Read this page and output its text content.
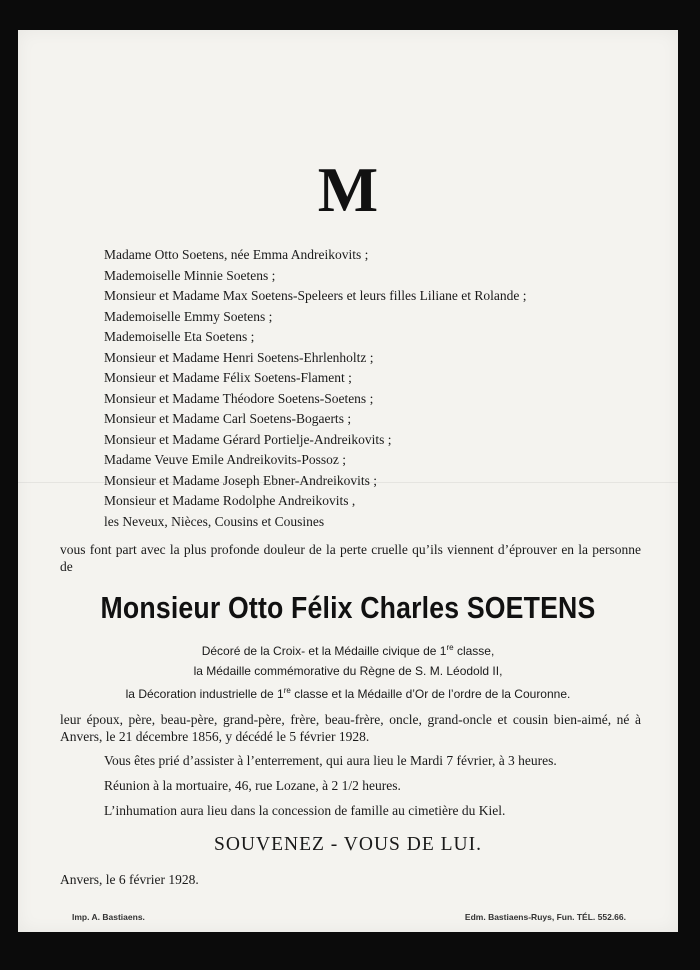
M
Madame Otto Soetens, née Emma Andreikovits ;
Mademoiselle Minnie Soetens ;
Monsieur et Madame Max Soetens-Speleers et leurs filles Liliane et Rolande ;
Mademoiselle Emmy Soetens ;
Mademoiselle Eta Soetens ;
Monsieur et Madame Henri Soetens-Ehrlenholtz ;
Monsieur et Madame Félix Soetens-Flament ;
Monsieur et Madame Théodore Soetens-Soetens ;
Monsieur et Madame Carl Soetens-Bogaerts ;
Monsieur et Madame Gérard Portielje-Andreikovits ;
Madame Veuve Emile Andreikovits-Possoz ;
Monsieur et Madame Joseph Ebner-Andreikovits ;
Monsieur et Madame Rodolphe Andreikovits ,
les Neveux, Nièces, Cousins et Cousines
vous font part avec la plus profonde douleur de la perte cruelle qu’ils viennent d’éprouver en la personne de
Monsieur Otto Félix Charles SOETENS
Décoré de la Croix- et la Médaille civique de 1re classe,
la Médaille commémorative du Règne de S. M. Léodold II,
la Décoration industrielle de 1re classe et la Médaille d’Or de l’ordre de la Couronne.
leur époux, père, beau-père, grand-père, frère, beau-frère, oncle, grand-oncle et cousin bien-aimé, né à Anvers, le 21 décembre 1856, y décédé le 5 février 1928.
Vous êtes prié d’assister à l’enterrement, qui aura lieu le Mardi 7 février, à 3 heures.
Réunion à la mortuaire, 46, rue Lozane, à 2 1/2 heures.
L’inhumation aura lieu dans la concession de famille au cimetière du Kiel.
SOUVENEZ - VOUS DE LUI.
Anvers, le 6 février 1928.
Imp. A. Bastiaens.	Edm. Bastiaens-Ruys, Fun. TÉL. 552.66.
